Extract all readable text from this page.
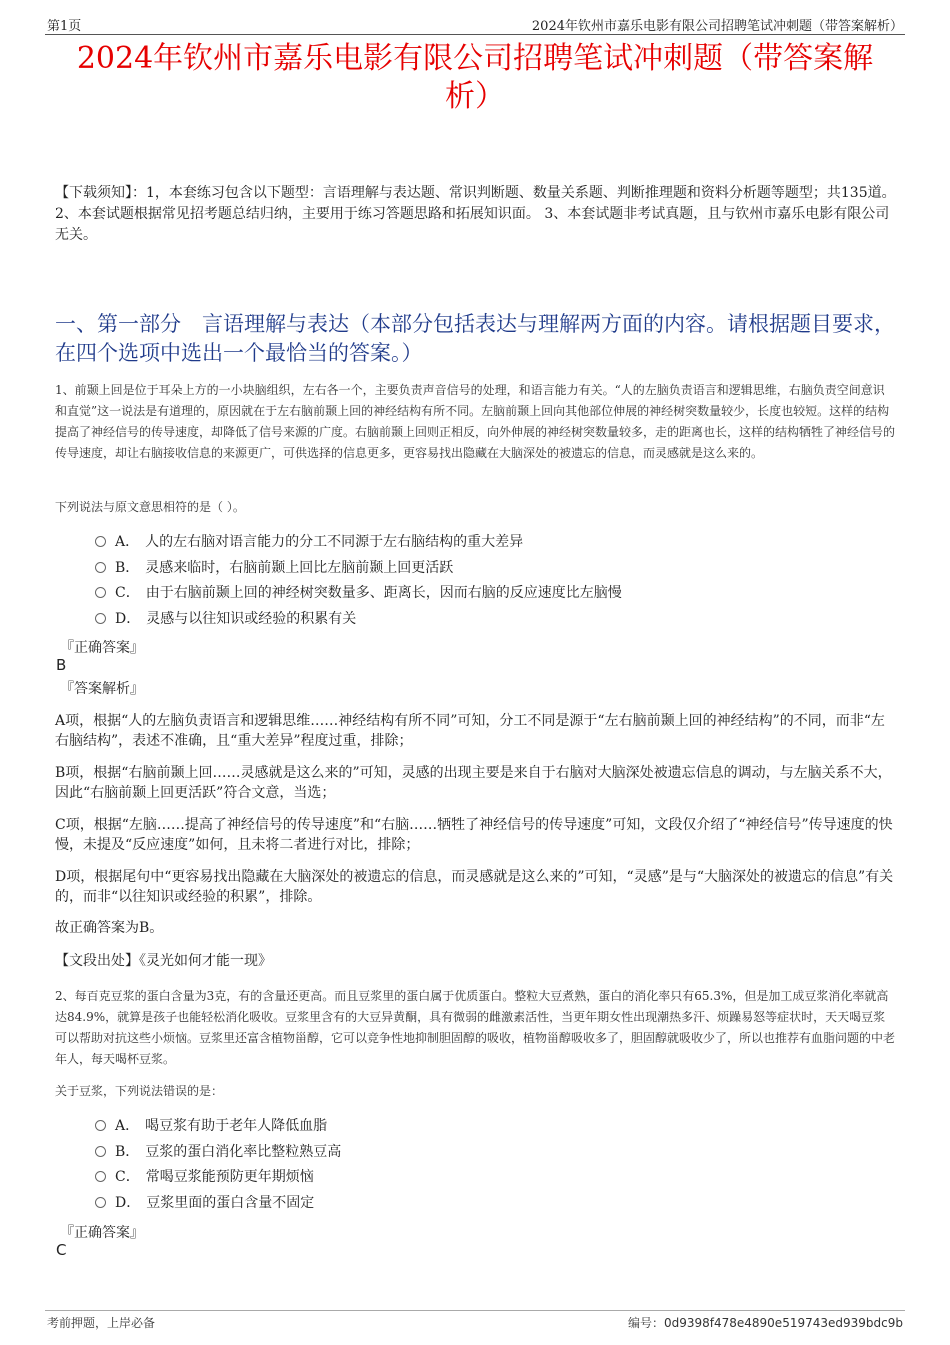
第1页	2024年钦州市嘉乐电影有限公司招聘笔试冲刺题（带答案解析）
2024年钦州市嘉乐电影有限公司招聘笔试冲刺题（带答案解析）
【下载须知】：1，本套练习包含以下题型：言语理解与表达题、常识判断题、数量关系题、判断推理题和资料分析题等题型；共135道。 2、本套试题根据常见招考题总结归纳，主要用于练习答题思路和拓展知识面。 3、本套试题非考试真题，且与钦州市嘉乐电影有限公司无关。
一、第一部分　言语理解与表达（本部分包括表达与理解两方面的内容。请根据题目要求，在四个选项中选出一个最恰当的答案。）
1、前颞上回是位于耳朵上方的一小块脑组织，左右各一个，主要负责声音信号的处理，和语言能力有关。“人的左脑负责语言和逻辑思维，右脑负责空间意识和直觉”这一说法是有道理的，原因就在于左右脑前颞上回的神经结构有所不同。左脑前颞上回向其他部位伸展的神经树突数量较少，长度也较短。这样的结构提高了神经信号的传导速度，却降低了信号来源的广度。右脑前颞上回则正相反，向外伸展的神经树突数量较多，走的距离也长，这样的结构牺牲了神经信号的传导速度，却让右脑接收信息的来源更广，可供选择的信息更多，更容易找出隐藏在大脑深处的被遗忘的信息，而灵感就是这么来的。
下列说法与原文意思相符的是（ ）。
A． 人的左右脑对语言能力的分工不同源于左右脑结构的重大差异
B． 灵感来临时，右脑前颞上回比左脑前颞上回更活跃
C． 由于右脑前颞上回的神经树突数量多、距离长，因而右脑的反应速度比左脑慢
D． 灵感与以往知识或经验的积累有关
『正确答案』
B
『答案解析』
A项，根据“人的左脑负责语言和逻辑思维……神经结构有所不同”可知，分工不同是源于“左右脑前颞上回的神经结构”的不同，而非“左右脑结构”，表述不准确，且“重大差异”程度过重，排除；
B项，根据“右脑前颞上回……灵感就是这么来的”可知，灵感的出现主要是来自于右脑对大脑深处被遗忘信息的调动，与左脑关系不大，因此“右脑前颞上回更活跃”符合文意，当选；
C项，根据“左脑……提高了神经信号的传导速度”和“右脑……牺牲了神经信号的传导速度”可知，文段仅介绍了“神经信号”传导速度的快慢，未提及“反应速度”如何，且未将二者进行对比，排除；
D项，根据尾句中“更容易找出隐藏在大脑深处的被遗忘的信息，而灵感就是这么来的”可知，“灵感”是与“大脑深处的被遗忘的信息”有关的，而非“以往知识或经验的积累”，排除。
故正确答案为B。
【文段出处】《灵光如何才能一现》
2、每百克豆浆的蛋白含量为3克，有的含量还更高。而且豆浆里的蛋白属于优质蛋白。整粒大豆煮熟，蛋白的消化率只有65.3%，但是加工成豆浆消化率就高达84.9%，就算是孩子也能轻松消化吸收。豆浆里含有的大豆异黄酮，具有微弱的雌激素活性，当更年期女性出现潮热多汗、烦躁易怒等症状时，天天喝豆浆可以帮助对抗这些小烦恼。豆浆里还富含植物甾醇，它可以竞争性地抑制胆固醇的吸收，植物甾醇吸收多了，胆固醇就吸收少了，所以也推荐有血脂问题的中老年人，每天喝杯豆浆。
关于豆浆，下列说法错误的是：
A． 喝豆浆有助于老年人降低血脂
B． 豆浆的蛋白消化率比整粒熟豆高
C． 常喝豆浆能预防更年期烦恼
D． 豆浆里面的蛋白含量不固定
『正确答案』
C
考前押题，上岸必备	编号：0d9398f478e4890e519743ed939bdc9b
